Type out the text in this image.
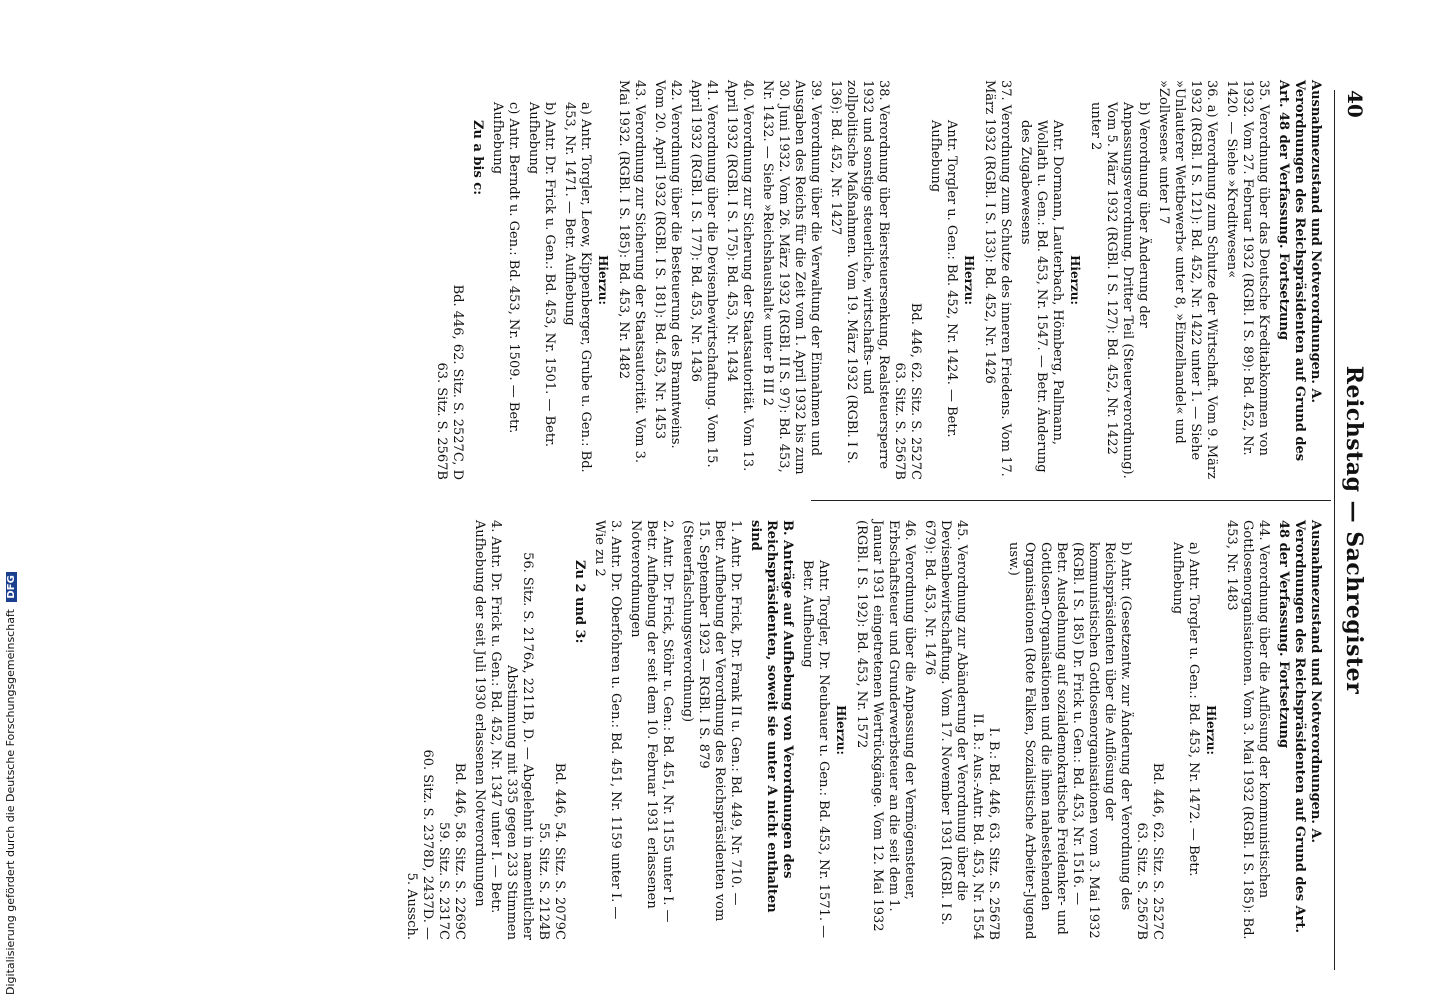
40
Reichstag — Sachregister
Ausnahmezustand und Notverordnungen. A. Verordnungen des Reichspräsidenten auf Grund des Art. 48 der Verfassung. Fortsetzung
35. Verordnung über das Deutsche Kreditabkommen von 1932. Vom 27. Februar 1932 (RGBl. I S. 89): Bd. 452, Nr. 1420. — Siehe »Kreditwesen«
36. a) Verordnung zum Schutze der Wirtschaft. Vom 9. März 1932 (RGBl. I S. 121): Bd. 452, Nr. 1422 unter 1. — Siehe »Unlauterer Wettbewerb« unter 8, »Einzelhandel« und »Zollwesen« unter I 7
b) Verordnung über Änderung der Anpassungsverordnung. Dritter Teil (Steuerverordnung). Vom 5. März 1932 (RGBl. I S. 127): Bd. 452, Nr. 1422 unter 2
Hierzu:
Antr. Dormann, Lauterbach, Hömberg, Pallmann, Wollath u. Gen.: Bd. 453, Nr. 1547. — Betr. Änderung des Zugabewesens
37. Verordnung zum Schutze des inneren Friedens. Vom 17. März 1932 (RGBl. I S. 133): Bd. 452, Nr. 1426
Hierzu:
Antr. Torgler u. Gen.: Bd. 452, Nr. 1424. — Betr. Aufhebung
Bd. 446, 62. Sitz. S. 2527C
63. Sitz. S. 2567B
38. Verordnung über Biersteuersenkung, Realsteuersperre 1932 und sonstige steuerliche, wirtschafts- und zollpolitische Maßnahmen. Vom 19. März 1932 (RGBl. I S. 136): Bd. 452, Nr. 1427
39. Verordnung über die Verwaltung der Einnahmen und Ausgaben des Reichs für die Zeit vom 1. April 1932 bis zum 30. Juni 1932. Vom 26. März 1932 (RGBl. II S. 97): Bd. 453, Nr. 1432. — Siehe »Reichshaushalt« unter B III 2
40. Verordnung zur Sicherung der Staatsautorität. Vom 13. April 1932 (RGBl. I S. 175): Bd. 453, Nr. 1434
41. Verordnung über die Devisenbewirtschaftung. Vom 15. April 1932 (RGBl. I S. 177): Bd. 453, Nr. 1436
42. Verordnung über die Besteuerung des Branntweins. Vom 20. April 1932 (RGBl. I S. 181): Bd. 453, Nr. 1453
43. Verordnung zur Sicherung der Staatsautorität. Vom 3. Mai 1932. (RGBl. I S. 185): Bd. 453, Nr. 1482
Hierzu:
a) Antr. Torgler, Leow, Kippenberger, Grube u. Gen.: Bd. 453, Nr. 1471. — Betr. Aufhebung
b) Antr. Dr. Frick u. Gen.: Bd. 453, Nr. 1501. — Betr. Aufhebung
c) Antr. Berndt u. Gen.: Bd. 453, Nr. 1509. — Betr. Aufhebung
Zu a bis c:
Bd. 446, 62. Sitz. S. 2527C, D
63. Sitz. S. 2567B
Ausnahmezustand und Notverordnungen. A. Verordnungen des Reichspräsidenten auf Grund des Art. 48 der Verfassung. Fortsetzung
44. Verordnung über die Auflösung der kommunistischen Gottlosenorganisationen. Vom 3. Mai 1932 (RGBl. I S. 185): Bd. 453, Nr. 1483
Hierzu:
a) Antr. Torgler u. Gen.: Bd. 453, Nr. 1472. — Betr. Aufhebung
Bd. 446, 62. Sitz. S. 2527C
63. Sitz. S. 2567B
b) Antr. (Gesetzentw. zur Änderung der Verordnung des Reichspräsidenten über die Auflösung der kommunistischen Gottlosenorganisationen vom 3. Mai 1932 (RGBl. I S. 185) Dr. Frick u. Gen.: Bd. 453, Nr. 1516. — Betr. Ausdehnung auf sozialdemokratische Freidenker- und Gottlosen-Organisationen und die ihnen nahestehenden Organisationen (Rote Falken, Sozialistische Arbeiter-Jugend usw.)
I. B.: Bd. 446, 63. Sitz. S. 2567B
II. B.: Aus.-Antr. Bd. 453, Nr. 1554
45. Verordnung zur Abänderung der Verordnung über die Devisenbewirtschaftung. Vom 17. November 1931 (RGBl. I S. 679): Bd. 453, Nr. 1476
46. Verordnung über die Anpassung der Vermögensteuer, Erbschaftsteuer und Grunderwerbsteuer an die seit dem 1. Januar 1931 eingetretenen Wertrückgänge. Vom 12. Mai 1932 (RGBl. I S. 192): Bd. 453, Nr. 1572
Hierzu:
Antr. Torgler, Dr. Neubauer u. Gen.: Bd. 453, Nr. 1571. — Betr. Aufhebung
B. Anträge auf Aufhebung von Verordnungen des Reichspräsidenten, soweit sie unter A nicht enthalten sind
1. Antr. Dr. Frick, Dr. Frank II u. Gen.: Bd. 449, Nr. 710. — Betr. Aufhebung der Verordnung des Reichspräsidenten vom 15. September 1923 — RGBl. I S. 879 (Steuerfalschungsverordnung)
2. Antr. Dr. Frick, Stöhr u. Gen.: Bd. 451, Nr. 1155 unter I. — Betr. Aufhebung der seit dem 10. Februar 1931 erlassenen Notverordnungen
3. Antr. Dr. Oberfohren u. Gen.: Bd. 451, Nr. 1159 unter I. — Wie zu 2
Zu 2 und 3:
Bd. 446, 54. Sitz. S. 2079C
55. Sitz. S. 2124B
56. Sitz. S. 2176A, 2211B, D. — Abgelehnt in namentlicher Abstimmung mit 335 gegen 233 Stimmen
4. Antr. Dr. Frick u. Gen.: Bd. 452, Nr. 1347 unter I. — Betr. Aufhebung der seit Juli 1930 erlassenen Notverordnungen
Bd. 446, 58. Sitz. S. 2269C
59. Sitz. S. 2317C
60. Sitz. S. 2378D, 2437D. —
5. Aussch.
Digitalisierung gefördert durch die Deutsche Forschungsgemeinschaft DFG
